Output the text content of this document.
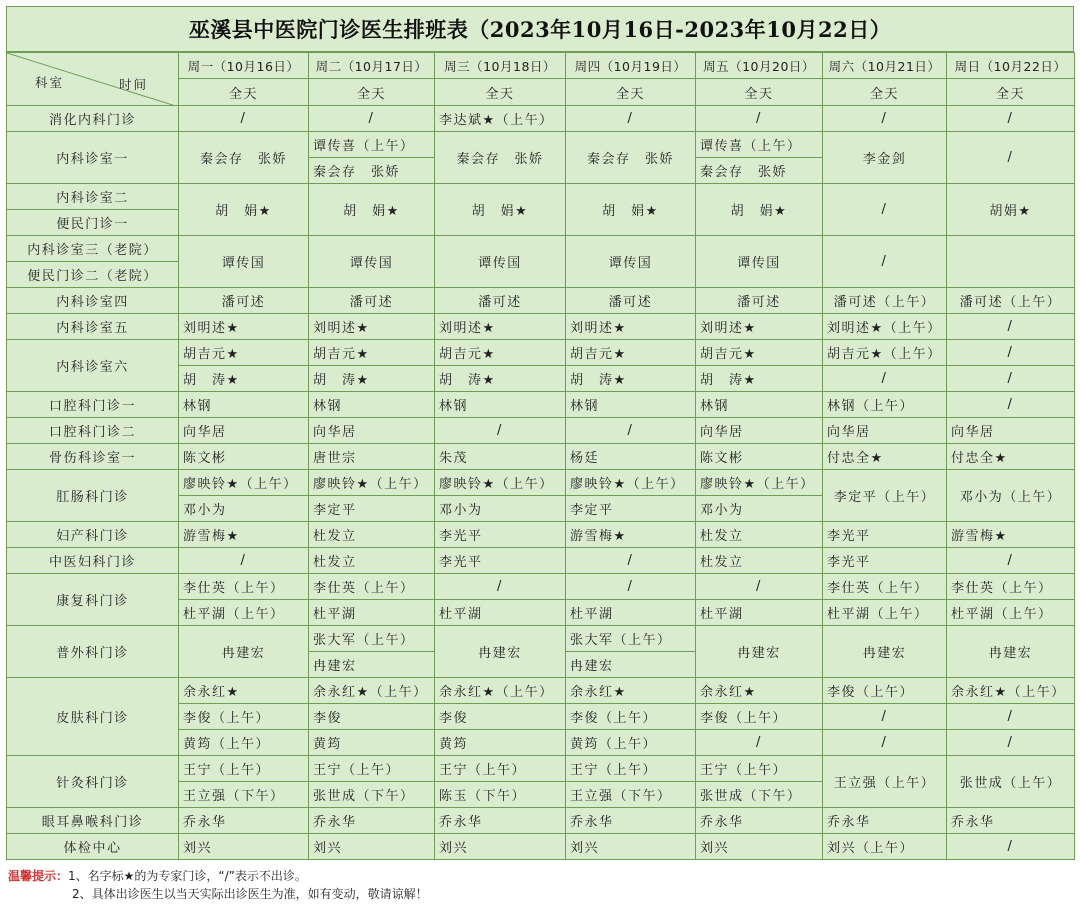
巫溪县中医院门诊医生排班表（2023年10月16日-2023年10月22日）
科室 时间	周一（10月16日）	周二（10月17日）	周三（10月18日）	周四（10月19日）	周五（10月20日）	周六（10月21日）	周日（10月22日）
	全天	全天	全天	全天	全天	全天	全天
消化内科门诊	/	/	李达斌★（上午）	/	/	/	/
内科诊室一	秦会存　张娇	谭传喜（上午）	秦会存　张娇	秦会存　张娇	谭传喜（上午）	李金剑	/
		秦会存　张娇			秦会存　张娇		
内科诊室二	胡　娟★	胡　娟★	胡　娟★	胡　娟★	胡　娟★	/	胡娟★
便民门诊一							
内科诊室三（老院）	谭传国	谭传国	谭传国	谭传国	谭传国	/	
便民门诊二（老院）							
内科诊室四	潘可述	潘可述	潘可述	潘可述	潘可述	潘可述（上午）	潘可述（上午）
内科诊室五	刘明述★	刘明述★	刘明述★	刘明述★	刘明述★	刘明述★（上午）	/
内科诊室六	胡吉元★	胡吉元★	胡吉元★	胡吉元★	胡吉元★	胡吉元★（上午）	/
	胡　涛★	胡　涛★	胡　涛★	胡　涛★	胡　涛★	/	/
口腔科门诊一	林钢	林钢	林钢	林钢	林钢	林钢（上午）	/
口腔科门诊二	向华居	向华居	/	/	向华居	向华居	向华居
骨伤科诊室一	陈文彬	唐世宗	朱茂	杨廷	陈文彬	付忠全★	付忠全★
肛肠科门诊	廖映铃★（上午）	廖映铃★（上午）	廖映铃★（上午）	廖映铃★（上午）	廖映铃★（上午）	李定平（上午）	邓小为（上午）
	邓小为	李定平	邓小为	李定平	邓小为		
妇产科门诊	游雪梅★	杜发立	李光平	游雪梅★	杜发立	李光平	游雪梅★
中医妇科门诊	/	杜发立	李光平	/	杜发立	李光平	/
康复科门诊	李仕英（上午）	李仕英（上午）	/	/	/	李仕英（上午）	李仕英（上午）
	杜平湖（上午）	杜平湖	杜平湖	杜平湖	杜平湖	杜平湖（上午）	杜平湖（上午）
普外科门诊	冉建宏	张大军（上午）	冉建宏	张大军（上午）	冉建宏	冉建宏	冉建宏
		冉建宏		冉建宏			
皮肤科门诊	余永红★	余永红★（上午）	余永红★（上午）	余永红★	余永红★	李俊（上午）	余永红★（上午）
	李俊（上午）	李俊	李俊	李俊（上午）	李俊（上午）	/	/
	黄筠（上午）	黄筠	黄筠	黄筠（上午）	/	/	/
针灸科门诊	王宁（上午）	王宁（上午）	王宁（上午）	王宁（上午）	王宁（上午）	王立强（上午）	张世成（上午）
	王立强（下午）	张世成（下午）	陈玉（下午）	王立强（下午）	张世成（下午）		
眼耳鼻喉科门诊	乔永华	乔永华	乔永华	乔永华	乔永华	乔永华	乔永华
体检中心	刘兴	刘兴	刘兴	刘兴	刘兴	刘兴（上午）	/
温馨提示：1、名字标★的为专家门诊，“/”表示不出诊。
2、具体出诊医生以当天实际出诊医生为准，如有变动，敬请谅解！
